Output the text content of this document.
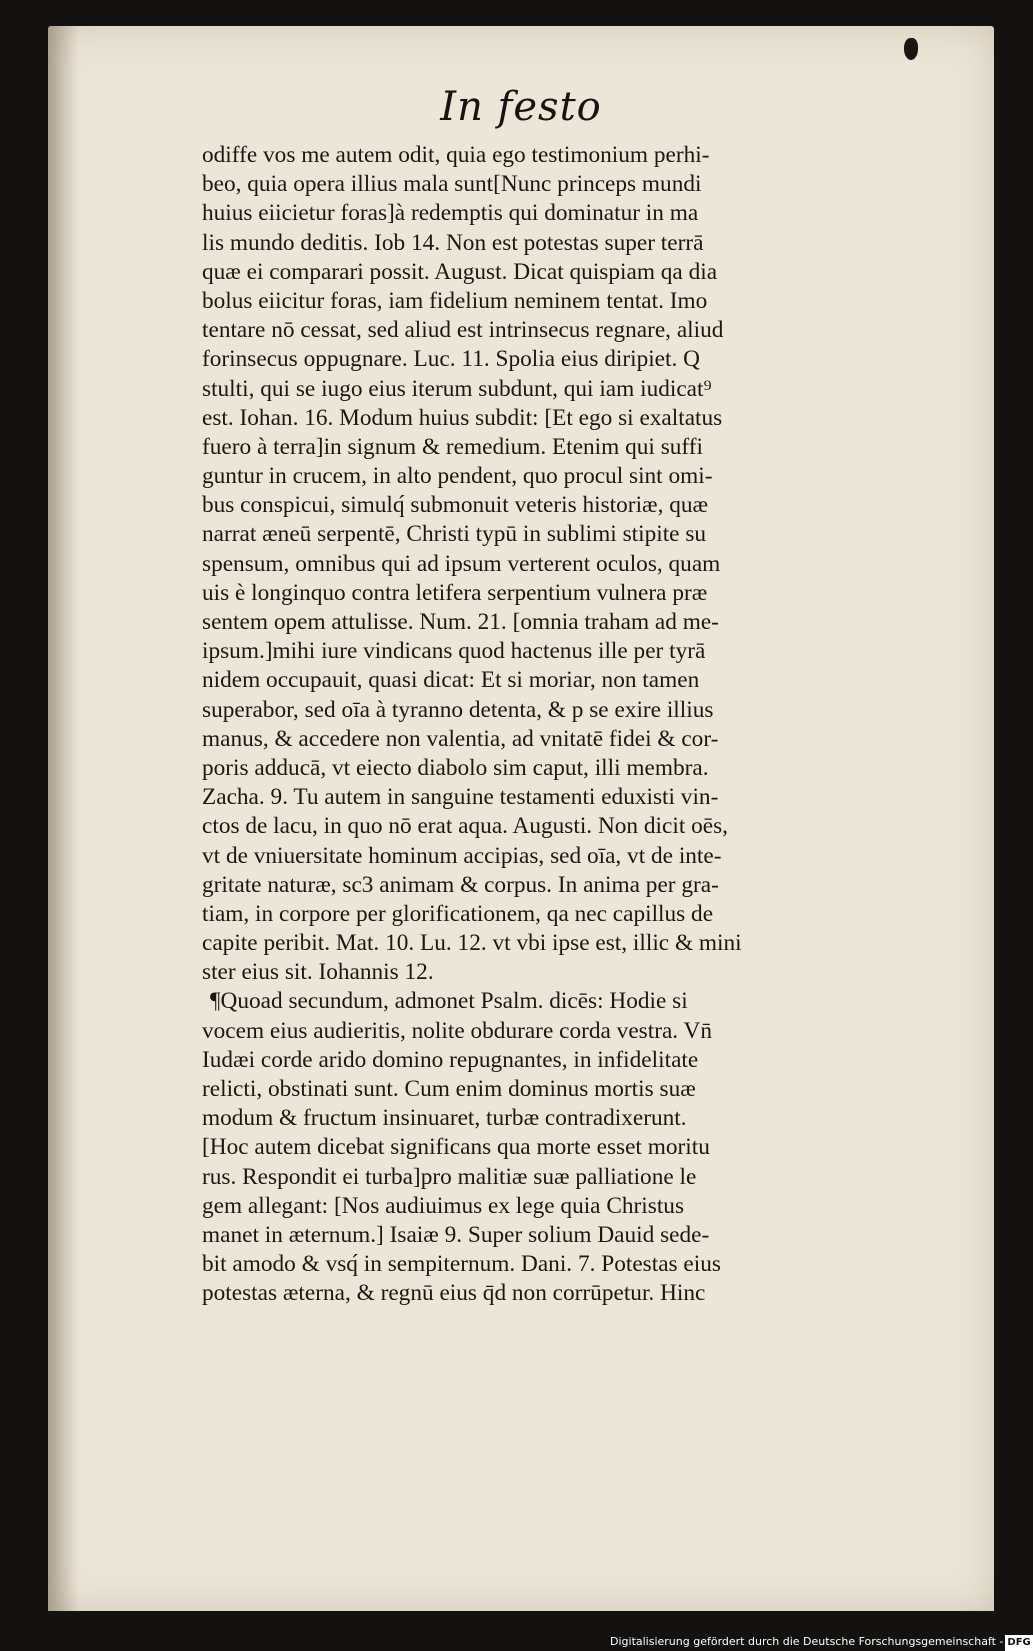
In festo
odiffe vos me autem odit, quia ego testimonium perhi-
beo, quia opera illius mala sunt[Nunc princeps mundi
huius eiicietur foras]à redemptis qui dominatur in ma
lis mundo deditis. Iob 14. Non est potestas super terrā
quæ ei comparari possit. August. Dicat quispiam qa dia
bolus eiicitur foras, iam fidelium neminem tentat. Imo
tentare nō cessat, sed aliud est intrinsecus regnare, aliud
forinsecus oppugnare. Luc. 11. Spolia eius diripiet. Q
stulti, qui se iugo eius iterum subdunt, qui iam iudicat⁹
est. Iohan. 16. Modum huius subdit: [Et ego si exaltatus
fuero à terra]in signum & remedium. Etenim qui suffi
guntur in crucem, in alto pendent, quo procul sint omi-
bus conspicui, simulq́ submonuit veteris historiæ, quæ
narrat æneū serpentē, Christi typū in sublimi stipite su
spensum, omnibus qui ad ipsum verterent oculos, quam
uis è longinquo contra letifera serpentium vulnera præ
sentem opem attulisse. Num. 21. [omnia traham ad me-
ipsum.]mihi iure vindicans quod hactenus ille per tyrā
nidem occupauit, quasi dicat: Et si moriar, non tamen
superabor, sed oīa à tyranno detenta, & p se exire illius
manus, & accedere non valentia, ad vnitatē fidei & cor-
poris adducā, vt eiecto diabolo sim caput, illi membra.
Zacha. 9. Tu autem in sanguine testamenti eduxisti vin-
ctos de lacu, in quo nō erat aqua. Augusti. Non dicit oēs,
vt de vniuersitate hominum accipias, sed oīa, vt de inte-
gritate naturæ, sc3 animam & corpus. In anima per gra-
tiam, in corpore per glorificationem, qa nec capillus de
capite peribit. Mat. 10. Lu. 12. vt vbi ipse est, illic & mini
ster eius sit. Iohannis 12.
¶Quoad secundum, admonet Psalm. dicēs: Hodie si
vocem eius audieritis, nolite obdurare corda vestra. Vn̄
Iudæi corde arido domino repugnantes, in infidelitate
relicti, obstinati sunt. Cum enim dominus mortis suæ
modum & fructum insinuaret, turbæ contradixerunt.
[Hoc autem dicebat significans qua morte esset moritu
rus. Respondit ei turba]pro malitiæ suæ palliatione le
gem allegant: [Nos audiuimus ex lege quia Christus
manet in æternum.] Isaiæ 9. Super solium Dauid sede-
bit amodo & vsq́ in sempiternum. Dani. 7. Potestas eius
potestas æterna, & regnū eius q̄d non corrūpetur. Hinc
Digitalisierung gefördert durch die Deutsche Forschungsgemeinschaft - DFG
